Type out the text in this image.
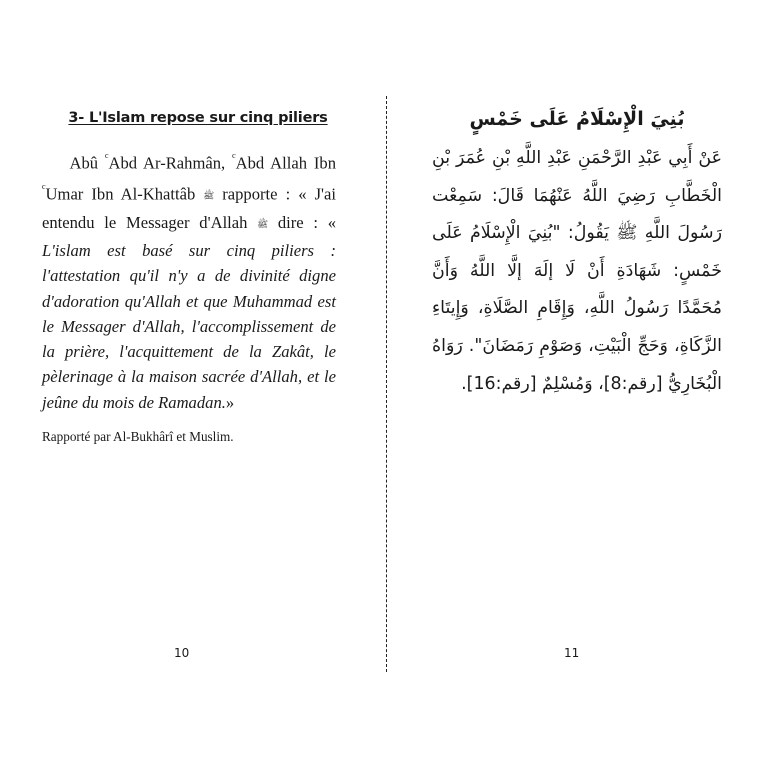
3- L'Islam repose sur cinq piliers

Abû $^ᶜ$Abd Ar-Rahmân, $^ᶜ$Abd Allah Ibn $^ᶜ$Umar Ibn Al-Khattâb ﷺ rapporte : « J'ai entendu le Messager d'Allah ﷺ dire : « L'islam est basé sur cinq piliers : l'attestation qu'il n'y a de divinité digne d'adoration qu'Allah et que Muhammad est le Messager d'Allah, l'accomplissement de la prière, l'acquittement de la Zakât, le pèlerinage à la maison sacrée d'Allah, et le jeûne du mois de Ramadan.»

Rapporté par Al-Bukhârî et Muslim.

بُنِيَ الْإِسْلَامُ عَلَى خَمْسٍ

عَنْ أَبِي عَبْدِ الرَّحْمَنِ عَبْدِ اللَّهِ بْنِ عُمَرَ بْنِ الْخَطَّابِ رَضِيَ اللَّهُ عَنْهُمَا قَالَ: سَمِعْت رَسُولَ اللَّهِ ﷺ يَقُولُ: "بُنِيَ الْإِسْلَامُ عَلَى خَمْسٍ: شَهَادَةِ أَنْ لَا إلَهَ إلَّا اللَّهُ وَأَنَّ مُحَمَّدًا رَسُولُ اللَّهِ، وَإِقَامِ الصَّلَاةِ، وَإِيتَاءِ الزَّكَاةِ، وَحَجِّ الْبَيْتِ، وَصَوْمِ رَمَضَانَ". رَوَاهُ الْبُخَارِيُّ [رقم:8]، وَمُسْلِمٌ [رقم:16].

10	11
